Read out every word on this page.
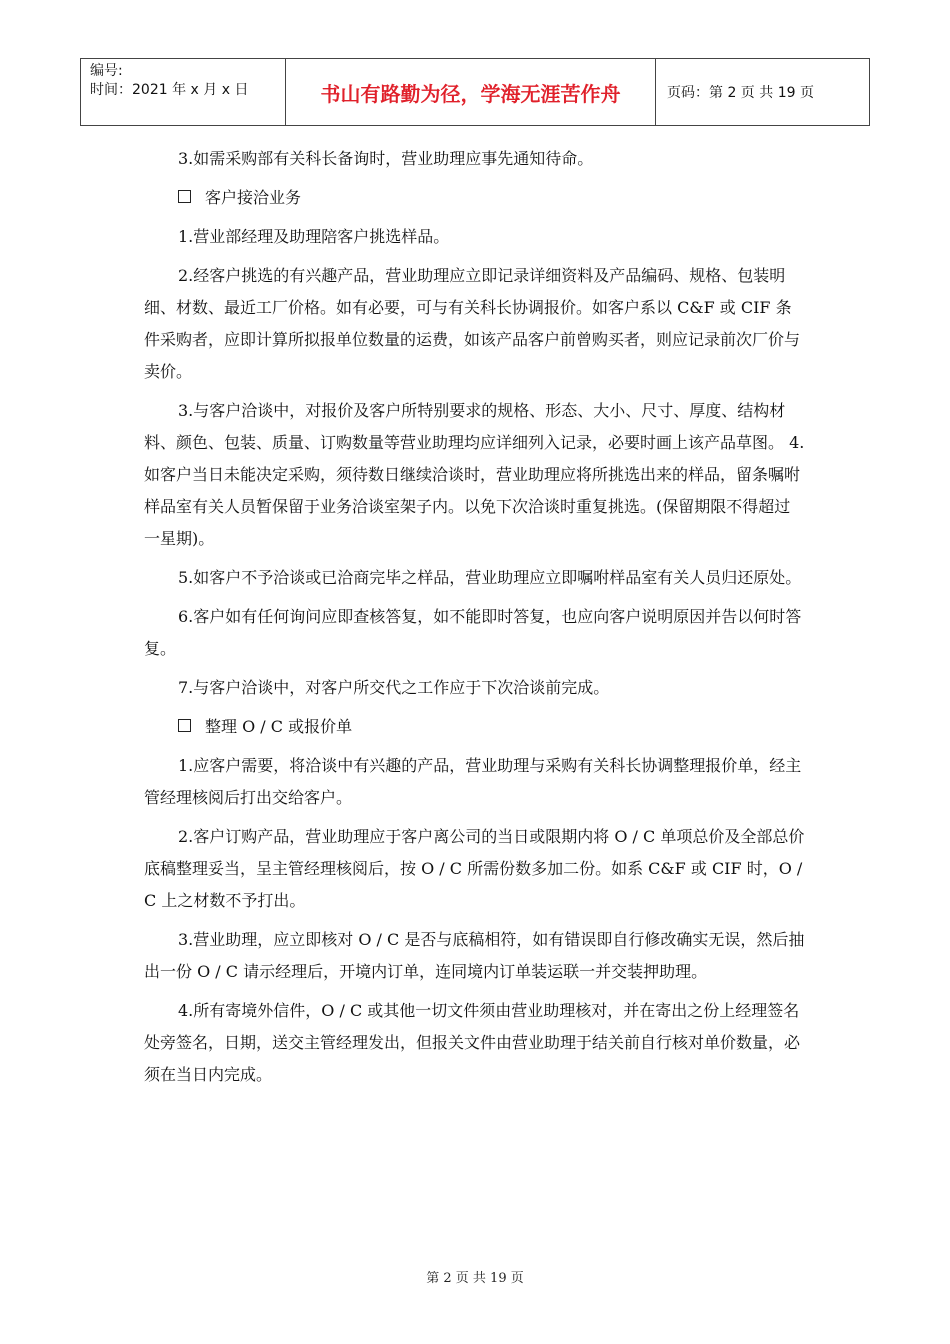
编号:
时间：2021 年 x 月 x 日	书山有路勤为径，学海无涯苦作舟	页码：第 2 页 共 19 页

3.如需采购部有关科长备询时，营业助理应事先通知待命。

客户接洽业务

1.营业部经理及助理陪客户挑选样品。

2.经客户挑选的有兴趣产品，营业助理应立即记录详细资料及产品编码、规格、包装明细、材数、最近工厂价格。如有必要，可与有关科长协调报价。如客户系以 C&F 或 CIF 条件采购者，应即计算所拟报单位数量的运费，如该产品客户前曾购买者，则应记录前次厂价与卖价。

3.与客户洽谈中，对报价及客户所特别要求的规格、形态、大小、尺寸、厚度、结构材料、颜色、包装、质量、订购数量等营业助理均应详细列入记录，必要时画上该产品草图。 4.如客户当日未能决定采购，须待数日继续洽谈时，营业助理应将所挑选出来的样品，留条嘱咐样品室有关人员暂保留于业务洽谈室架子内。以免下次洽谈时重复挑选。(保留期限不得超过一星期)。

5.如客户不予洽谈或已洽商完毕之样品，营业助理应立即嘱咐样品室有关人员归还原处。

6.客户如有任何询问应即查核答复，如不能即时答复，也应向客户说明原因并告以何时答复。

7.与客户洽谈中，对客户所交代之工作应于下次洽谈前完成。

整理 O / C 或报价单

1.应客户需要，将洽谈中有兴趣的产品，营业助理与采购有关科长协调整理报价单，经主管经理核阅后打出交给客户。

2.客户订购产品，营业助理应于客户离公司的当日或限期内将 O / C 单项总价及全部总价底稿整理妥当，呈主管经理核阅后，按 O / C 所需份数多加二份。如系 C&F 或 CIF 时，O / C 上之材数不予打出。

3.营业助理，应立即核对 O / C 是否与底稿相符，如有错误即自行修改确实无误，然后抽出一份 O / C 请示经理后，开境内订单，连同境内订单装运联一并交装押助理。

4.所有寄境外信件，O / C 或其他一切文件须由营业助理核对，并在寄出之份上经理签名处旁签名，日期，送交主管经理发出，但报关文件由营业助理于结关前自行核对单价数量，必须在当日内完成。

第 2 页 共 19 页
